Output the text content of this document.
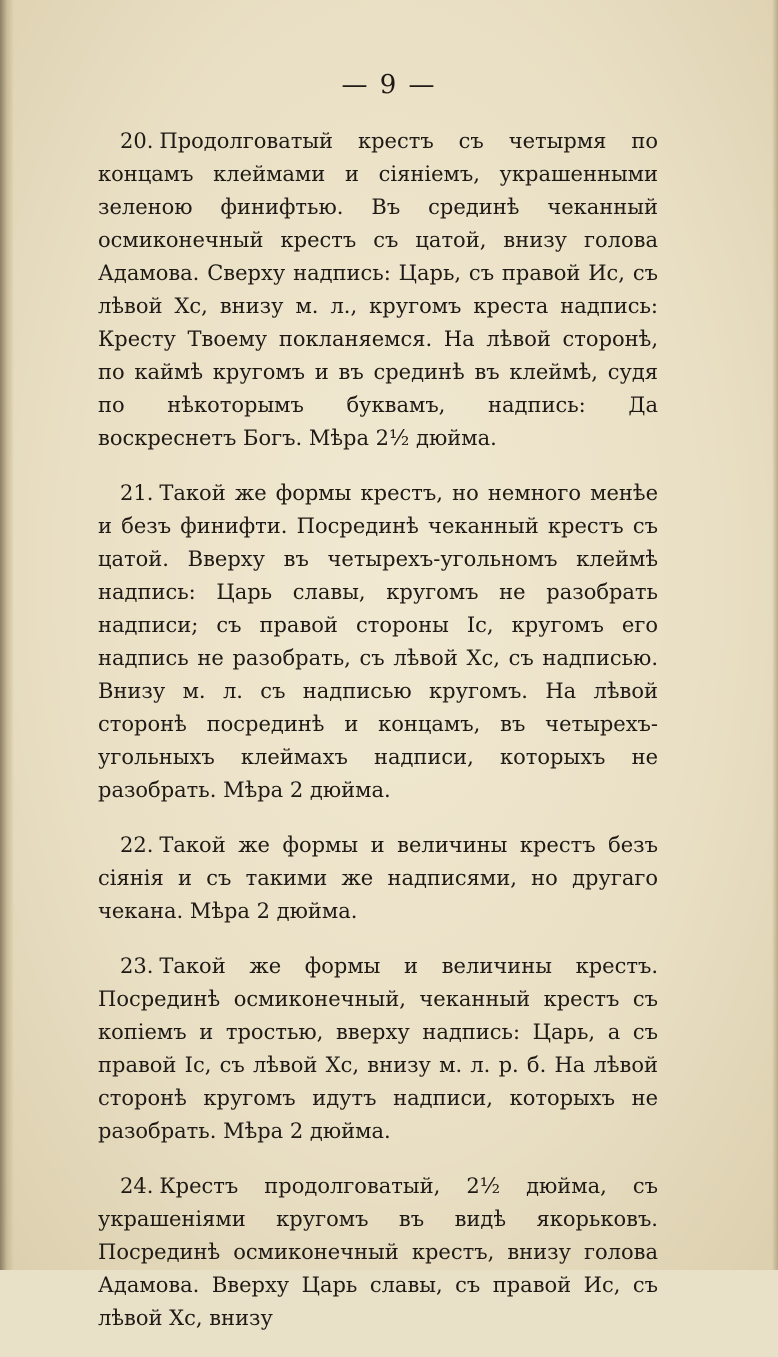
— 9 —

20. Продолговатый крестъ съ четырмя по концамъ клеймами и сіяніемъ, украшенными зеленою финифтью. Въ срединѣ чеканный осмиконечный крестъ съ цатой, внизу голова Адамова. Сверху надпись: Царь, съ правой Ис, съ лѣвой Хс, внизу м. л., кругомъ креста надпись: Кресту Твоему покланяемся. На лѣвой сторонѣ, по каймѣ кругомъ и въ срединѣ въ клеймѣ, судя по нѣкоторымъ буквамъ, надпись: Да воскреснетъ Богъ. Мѣра 2½ дюйма.

21. Такой же формы крестъ, но немного менѣе и безъ финифти. Посрединѣ чеканный крестъ съ цатой. Вверху въ четырехъ-угольномъ клеймѣ надпись: Царь славы, кругомъ не разобрать надписи; съ правой стороны Іс, кругомъ его надпись не разобрать, съ лѣвой Хс, съ надписью. Внизу м. л. съ надписью кругомъ. На лѣвой сторонѣ посрединѣ и концамъ, въ четырехъ-угольныхъ клеймахъ надписи, которыхъ не разобрать. Мѣра 2 дюйма.

22. Такой же формы и величины крестъ безъ сіянія и съ такими же надписями, но другаго чекана. Мѣра 2 дюйма.

23. Такой же формы и величины крестъ. Посрединѣ осмиконечный, чеканный крестъ съ копіемъ и тростью, вверху надпись: Царь, а съ правой Іс, съ лѣвой Хс, внизу м. л. р. б. На лѣвой сторонѣ кругомъ идутъ надписи, которыхъ не разобрать. Мѣра 2 дюйма.

24. Крестъ продолговатый, 2½ дюйма, съ украшеніями кругомъ въ видѣ якорьковъ. Посрединѣ осмиконечный крестъ, внизу голова Адамова. Вверху Царь славы, съ правой Ис, съ лѣвой Хс, внизу
